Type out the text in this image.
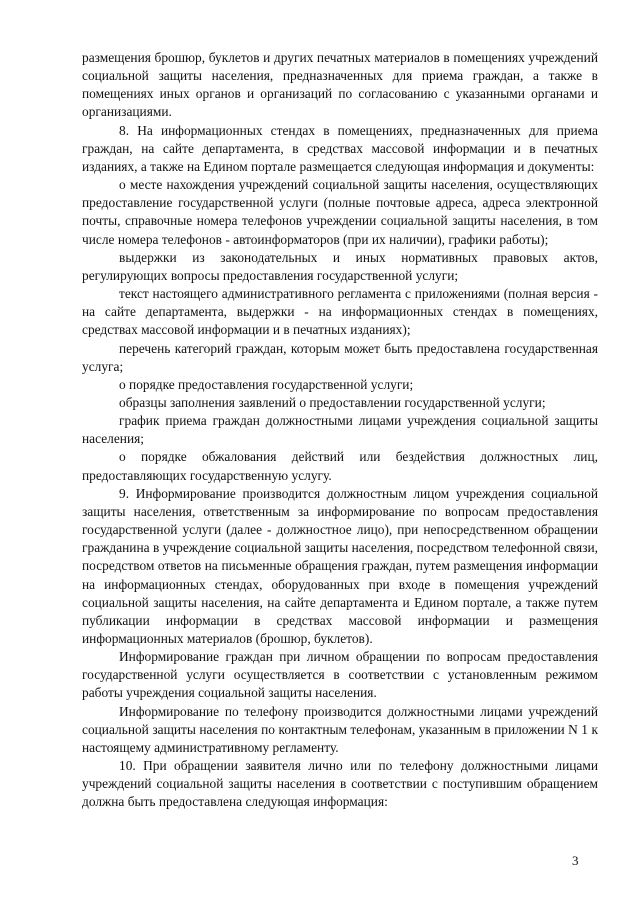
размещения брошюр, буклетов и других печатных материалов в помещениях учреждений социальной защиты населения, предназначенных для приема граждан, а также в помещениях иных органов и организаций по согласованию с указанными органами и организациями.

8. На информационных стендах в помещениях, предназначенных для приема граждан, на сайте департамента, в средствах массовой информации и в печатных изданиях, а также на Едином портале размещается следующая информация и документы:

о месте нахождения учреждений социальной защиты населения, осуществляющих предоставление государственной услуги (полные почтовые адреса, адреса электронной почты, справочные номера телефонов учреждении социальной защиты населения, в том числе номера телефонов - автоинформаторов (при их наличии), графики работы);

выдержки из законодательных и иных нормативных правовых актов, регулирующих вопросы предоставления государственной услуги;

текст настоящего административного регламента с приложениями (полная версия - на сайте департамента, выдержки - на информационных стендах в помещениях, средствах массовой информации и в печатных изданиях);

перечень категорий граждан, которым может быть предоставлена государственная услуга;

о порядке предоставления государственной услуги;

образцы заполнения заявлений о предоставлении государственной услуги;

график приема граждан должностными лицами учреждения социальной защиты населения;

о порядке обжалования действий или бездействия должностных лиц, предоставляющих государственную услугу.

9. Информирование производится должностным лицом учреждения социальной защиты населения, ответственным за информирование по вопросам предоставления государственной услуги (далее - должностное лицо), при непосредственном обращении гражданина в учреждение социальной защиты населения, посредством телефонной связи, посредством ответов на письменные обращения граждан, путем размещения информации на информационных стендах, оборудованных при входе в помещения учреждений социальной защиты населения, на сайте департамента и Едином портале, а также путем публикации информации в средствах массовой информации и размещения информационных материалов (брошюр, буклетов).

Информирование граждан при личном обращении по вопросам предоставления государственной услуги осуществляется в соответствии с установленным режимом работы учреждения социальной защиты населения.

Информирование по телефону производится должностными лицами учреждений социальной защиты населения по контактным телефонам, указанным в приложении N 1 к настоящему административному регламенту.

10. При обращении заявителя лично или по телефону должностными лицами учреждений социальной защиты населения в соответствии с поступившим обращением должна быть предоставлена следующая информация:

3
